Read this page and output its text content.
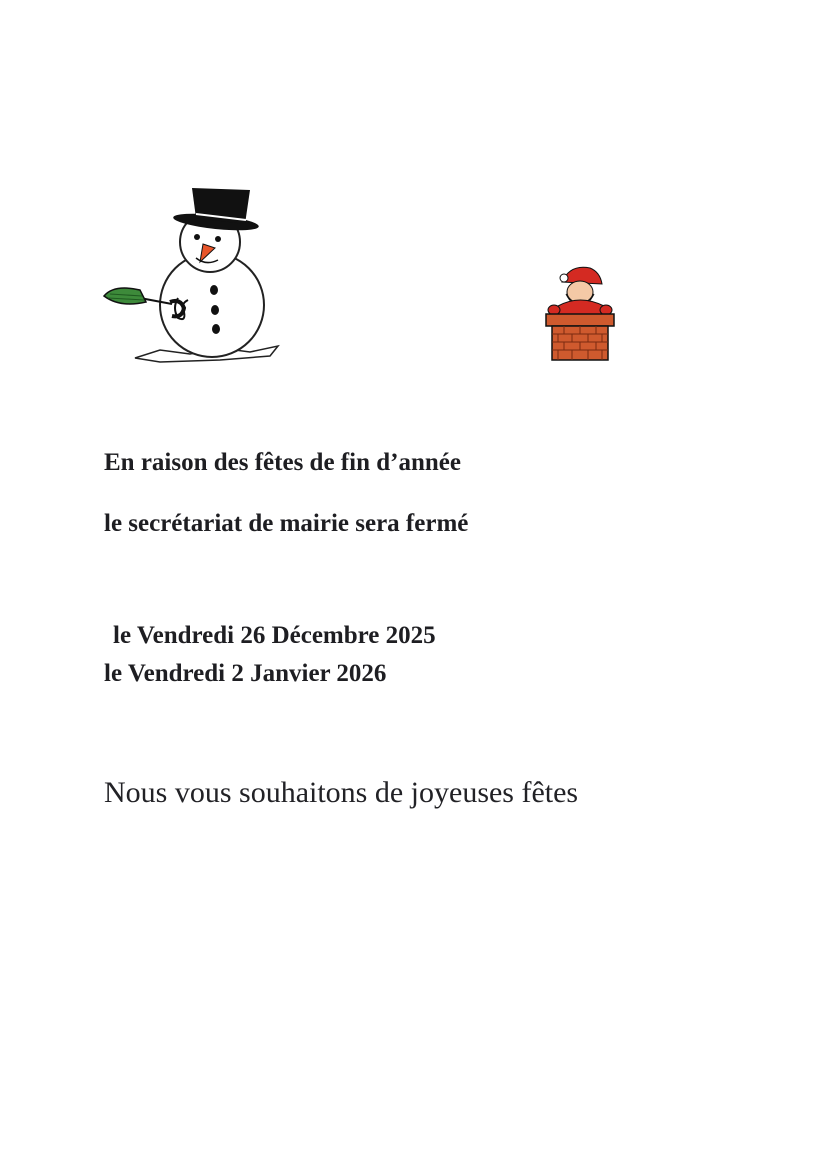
En raison des fêtes de fin d’année
le secrétariat de mairie sera fermé
le Vendredi 26 Décembre 2025
le Vendredi 2 Janvier 2026
Nous vous souhaitons de joyeuses fêtes
